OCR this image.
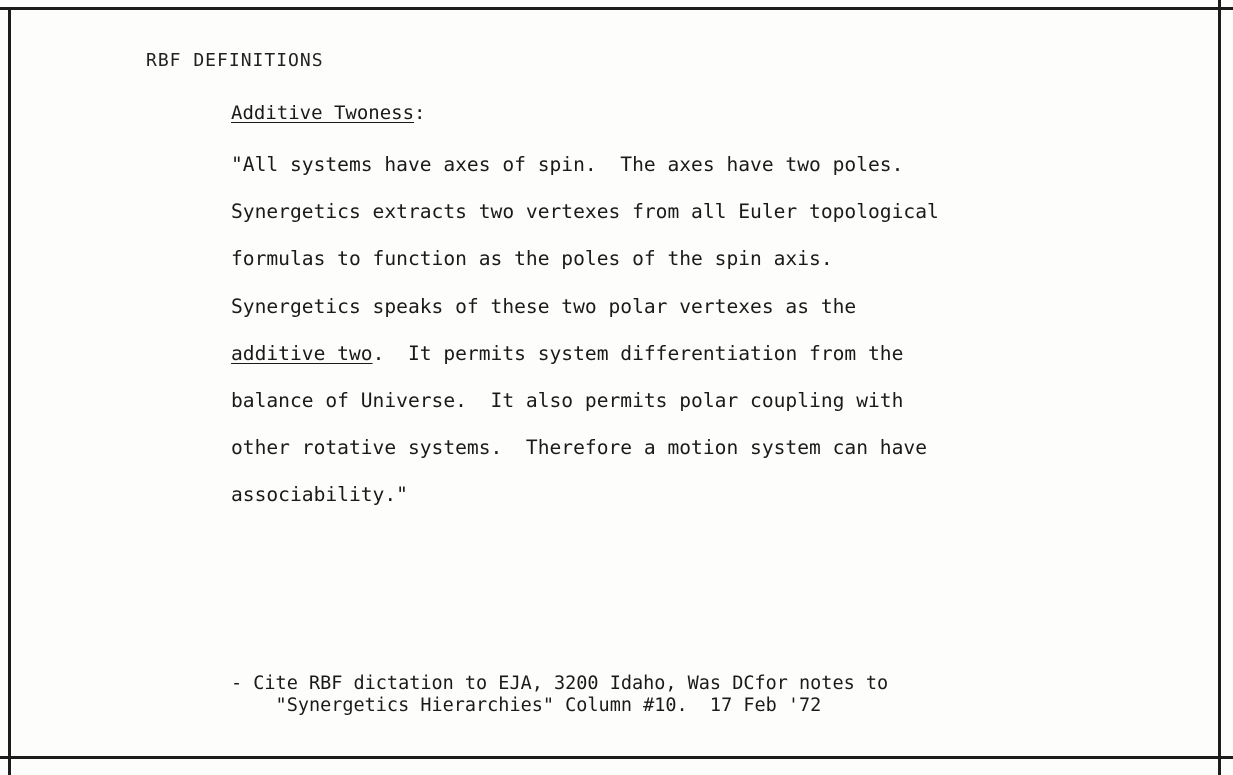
RBF DEFINITIONS
Additive Twoness:
"All systems have axes of spin.  The axes have two poles.
Synergetics extracts two vertexes from all Euler topological
formulas to function as the poles of the spin axis.
Synergetics speaks of these two polar vertexes as the
additive two.  It permits system differentiation from the
balance of Universe.  It also permits polar coupling with
other rotative systems.  Therefore a motion system can have
associability."
- Cite RBF dictation to EJA, 3200 Idaho, Was DCfor notes to
"Synergetics Hierarchies" Column #10.  17 Feb '72
